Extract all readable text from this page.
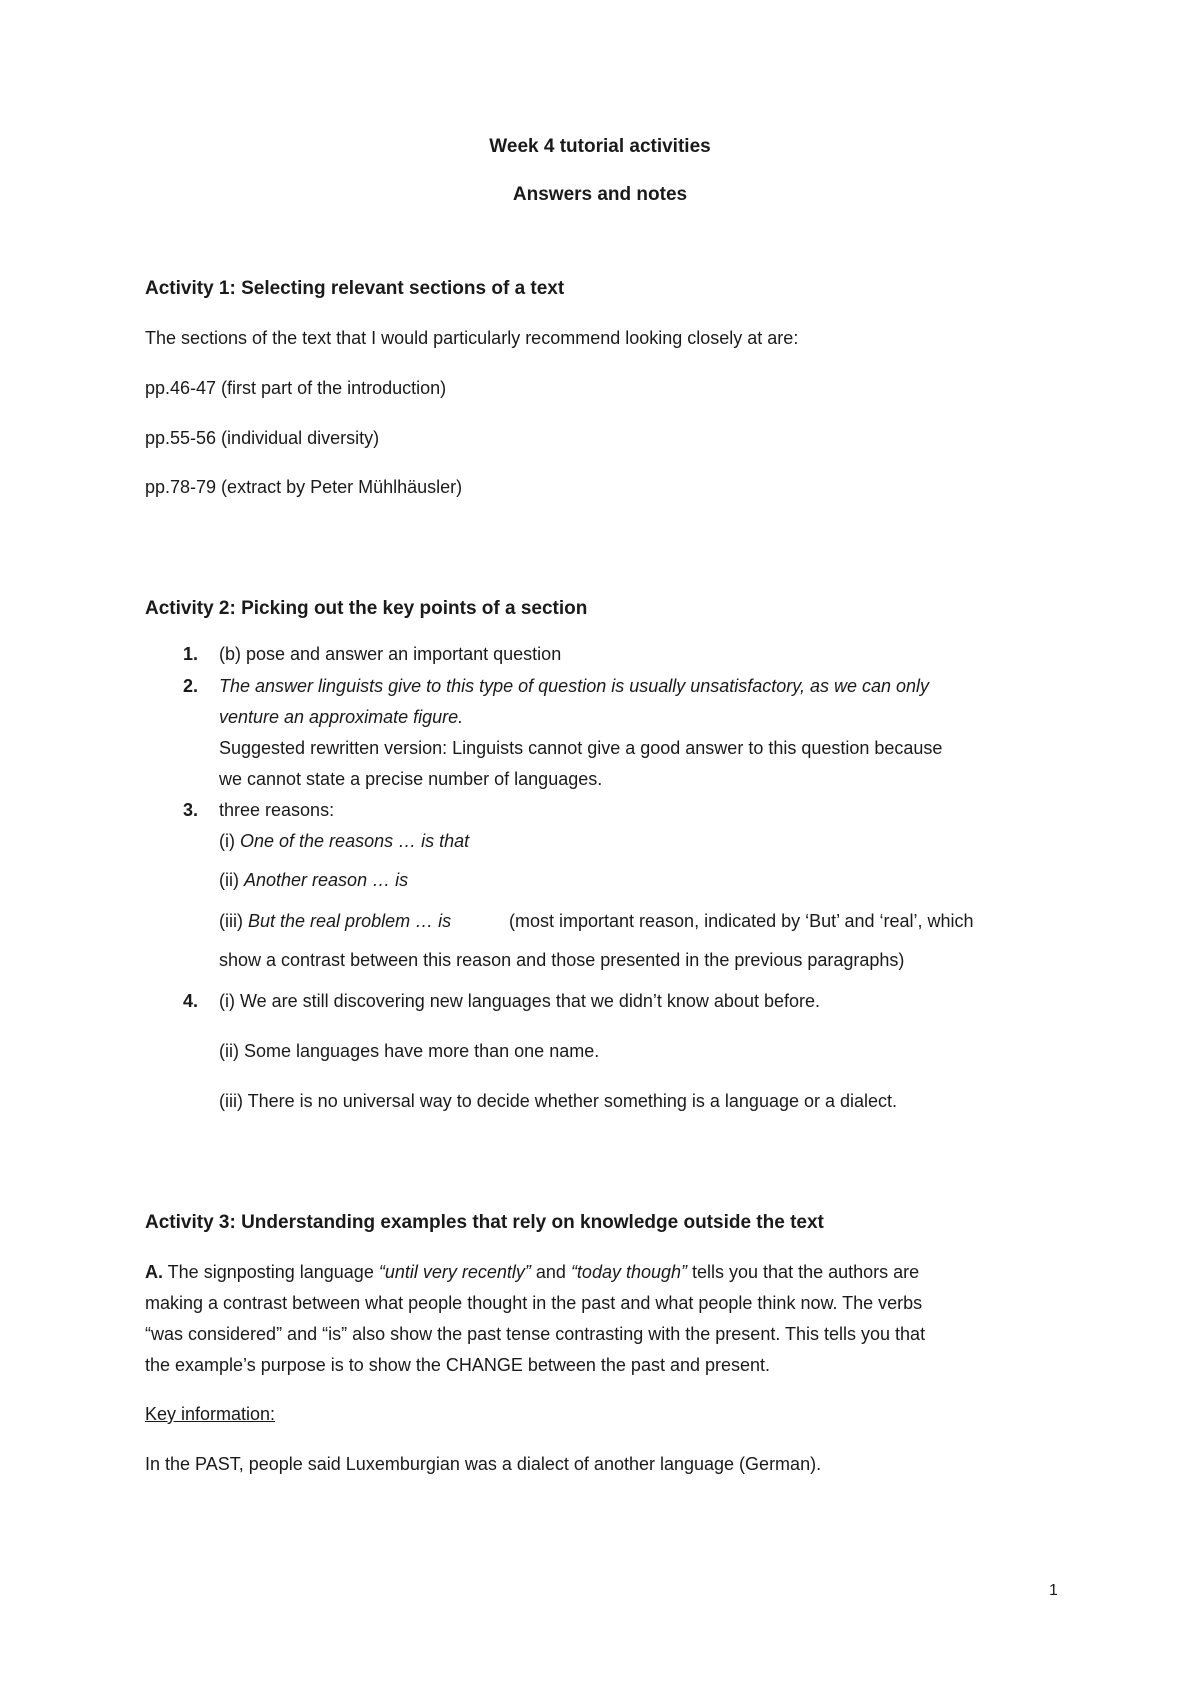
Week 4 tutorial activities
Answers and notes
Activity 1: Selecting relevant sections of a text
The sections of the text that I would particularly recommend looking closely at are:
pp.46-47 (first part of the introduction)
pp.55-56 (individual diversity)
pp.78-79 (extract by Peter Mühlhäusler)
Activity 2: Picking out the key points of a section
1. (b) pose and answer an important question
2. The answer linguists give to this type of question is usually unsatisfactory, as we can only
venture an approximate figure.
Suggested rewritten version: Linguists cannot give a good answer to this question because
we cannot state a precise number of languages.
3. three reasons:
(i) One of the reasons … is that
(ii) Another reason … is
(iii) But the real problem … is	(most important reason, indicated by ‘But’ and ‘real’, which
show a contrast between this reason and those presented in the previous paragraphs)
4. (i) We are still discovering new languages that we didn’t know about before.
(ii) Some languages have more than one name.
(iii) There is no universal way to decide whether something is a language or a dialect.
Activity 3: Understanding examples that rely on knowledge outside the text
A. The signposting language “until very recently” and “today though” tells you that the authors are
making a contrast between what people thought in the past and what people think now. The verbs
“was considered” and “is” also show the past tense contrasting with the present. This tells you that
the example’s purpose is to show the CHANGE between the past and present.
Key information:
In the PAST, people said Luxemburgian was a dialect of another language (German).
1
